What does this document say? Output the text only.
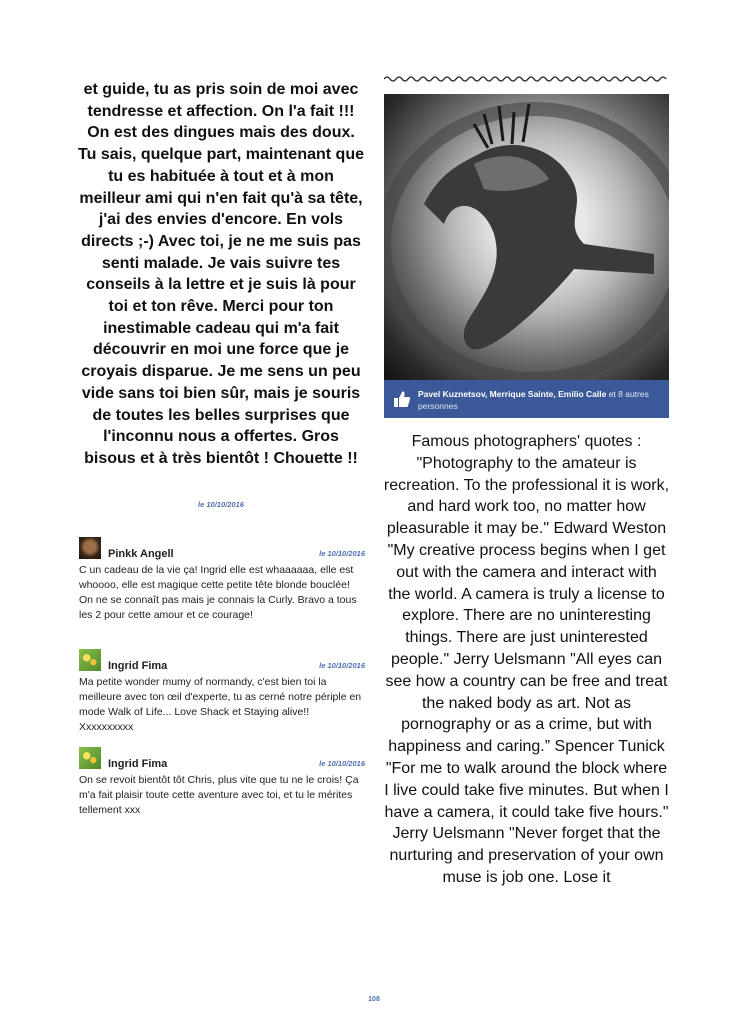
et guide, tu as pris soin de moi avec tendresse et affection. On l'a fait !!! On est des dingues mais des doux. Tu sais, quelque part, maintenant que tu es habituée à tout et à mon meilleur ami qui n'en fait qu'à sa tête, j'ai des envies d'encore. En vols directs ;-) Avec toi, je ne me suis pas senti malade. Je vais suivre tes conseils à la lettre et je suis là pour toi et ton rêve. Merci pour ton inestimable cadeau qui m'a fait découvrir en moi une force que je croyais disparue. Je me sens un peu vide sans toi bien sûr, mais je souris de toutes les belles surprises que l'inconnu nous a offertes. Gros bisous et à très bientôt ! Chouette !!
le 10/10/2016
Pinkk Angell	le 10/10/2016
C un cadeau de la vie ça! Ingrid elle est whaaaaaa, elle est whoooo, elle est magique cette petite tête blonde bouclée! On ne se connaît pas mais je connais la Curly. Bravo a tous les 2 pour cette amour et ce courage!
Ingrid Fima	le 10/10/2016
Ma petite wonder mumy of normandy, c'est bien toi la meilleure avec ton œil d'experte, tu as cerné notre périple en mode Walk of Life... Love Shack et Staying alive!! Xxxxxxxxxx
Ingrid Fima	le 10/10/2016
On se revoit bientôt tôt Chris, plus vite que tu ne le crois! Ça m'a fait plaisir toute cette aventure avec toi, et tu le mérites tellement xxx
Pavel Kuznetsov, Merrique Sainte, Emilio Calle et 8 autres personnes
Famous photographers' quotes : "Photography to the amateur is recreation. To the professional it is work, and hard work too, no matter how pleasurable it may be." Edward Weston "My creative process begins when I get out with the camera and interact with the world. A camera is truly a license to explore. There are no uninteresting things. There are just uninterested people." Jerry Uelsmann "All eyes can see how a country can be free and treat the naked body as art. Not as pornography or as a crime, but with happiness and caring.” Spencer Tunick "For me to walk around the block where I live could take five minutes. But when I have a camera, it could take five hours." Jerry Uelsmann "Never forget that the nurturing and preservation of your own muse is job one. Lose it
108
